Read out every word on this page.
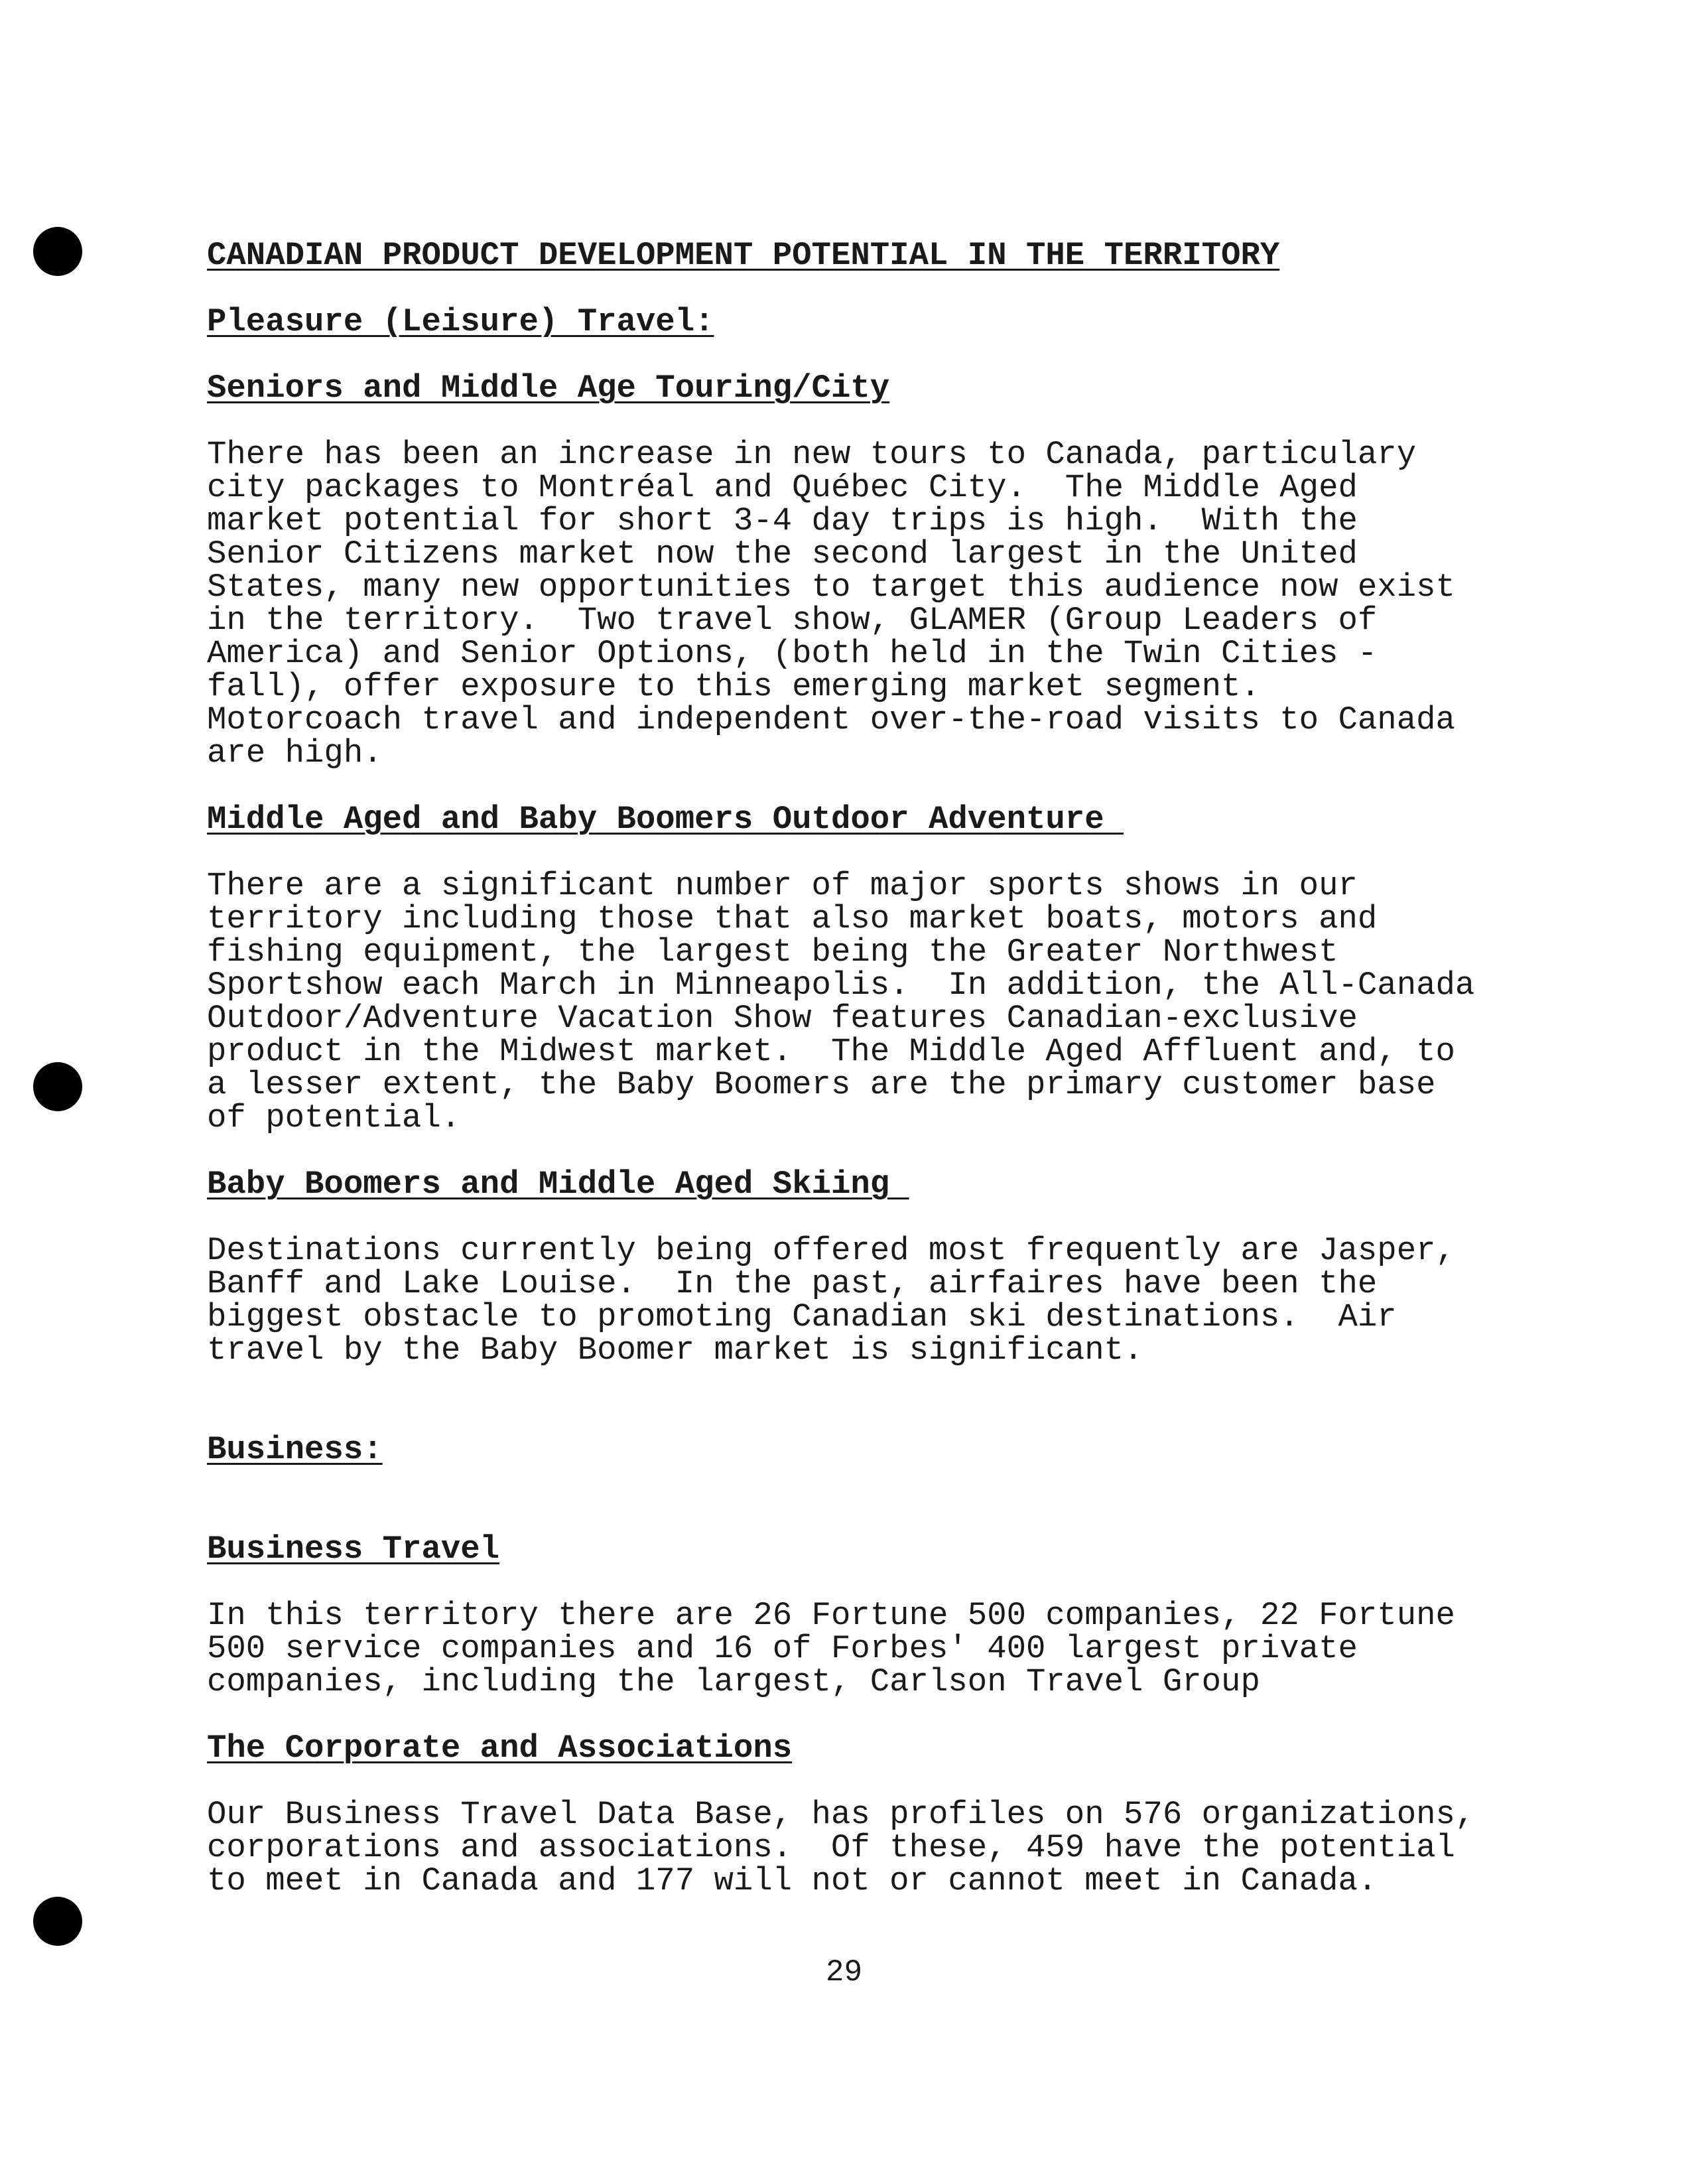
CANADIAN PRODUCT DEVELOPMENT POTENTIAL IN THE TERRITORY

Pleasure (Leisure) Travel:

Seniors and Middle Age Touring/City

There has been an increase in new tours to Canada, particulary

city packages to Montréal and Québec City.  The Middle Aged

market potential for short 3-4 day trips is high.  With the

Senior Citizens market now the second largest in the United

States, many new opportunities to target this audience now exist

in the territory.  Two travel show, GLAMER (Group Leaders of

America) and Senior Options, (both held in the Twin Cities -

fall), offer exposure to this emerging market segment.

Motorcoach travel and independent over-the-road visits to Canada

are high.

Middle Aged and Baby Boomers Outdoor Adventure

There are a significant number of major sports shows in our

territory including those that also market boats, motors and

fishing equipment, the largest being the Greater Northwest

Sportshow each March in Minneapolis.  In addition, the All-Canada

Outdoor/Adventure Vacation Show features Canadian-exclusive

product in the Midwest market.  The Middle Aged Affluent and, to

a lesser extent, the Baby Boomers are the primary customer base

of potential.

Baby Boomers and Middle Aged Skiing

Destinations currently being offered most frequently are Jasper,

Banff and Lake Louise.  In the past, airfaires have been the

biggest obstacle to promoting Canadian ski destinations.  Air

travel by the Baby Boomer market is significant.

Business:

Business Travel

In this territory there are 26 Fortune 500 companies, 22 Fortune

500 service companies and 16 of Forbes' 400 largest private

companies, including the largest, Carlson Travel Group

The Corporate and Associations

Our Business Travel Data Base, has profiles on 576 organizations,

corporations and associations.  Of these, 459 have the potential

to meet in Canada and 177 will not or cannot meet in Canada.

29
